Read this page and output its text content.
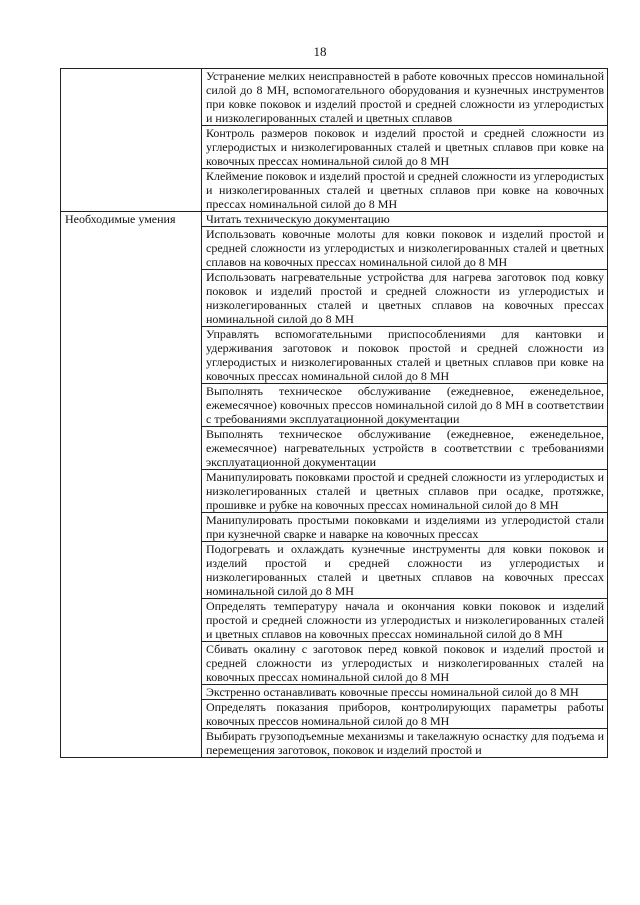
18
	Устранение мелких неисправностей в работе ковочных прессов номинальной силой до 8 МН, вспомогательного оборудования и кузнечных инструментов при ковке поковок и изделий простой и средней сложности из углеродистых и низколегированных сталей и цветных сплавов
	Контроль размеров поковок и изделий простой и средней сложности из углеродистых и низколегированных сталей и цветных сплавов при ковке на ковочных прессах номинальной силой до 8 МН
	Клеймение поковок и изделий простой и средней сложности из углеродистых и низколегированных сталей и цветных сплавов при ковке на ковочных прессах номинальной силой до 8 МН
Необходимые умения	Читать техническую документацию
	Использовать ковочные молоты для ковки поковок и изделий простой и средней сложности из углеродистых и низколегированных сталей и цветных сплавов на ковочных прессах номинальной силой до 8 МН
	Использовать нагревательные устройства для нагрева заготовок под ковку поковок и изделий простой и средней сложности из углеродистых и низколегированных сталей и цветных сплавов на ковочных прессах номинальной силой до 8 МН
	Управлять вспомогательными приспособлениями для кантовки и удерживания заготовок и поковок простой и средней сложности из углеродистых и низколегированных сталей и цветных сплавов при ковке на ковочных прессах номинальной силой до 8 МН
	Выполнять техническое обслуживание (ежедневное, еженедельное, ежемесячное) ковочных прессов номинальной силой до 8 МН в соответствии с требованиями эксплуатационной документации
	Выполнять техническое обслуживание (ежедневное, еженедельное, ежемесячное) нагревательных устройств в соответствии с требованиями эксплуатационной документации
	Манипулировать поковками простой и средней сложности из углеродистых и низколегированных сталей и цветных сплавов при осадке, протяжке, прошивке и рубке на ковочных прессах номинальной силой до 8 МН
	Манипулировать простыми поковками и изделиями из углеродистой стали при кузнечной сварке и наварке на ковочных прессах
	Подогревать и охлаждать кузнечные инструменты для ковки поковок и изделий простой и средней сложности из углеродистых и низколегированных сталей и цветных сплавов на ковочных прессах номинальной силой до 8 МН
	Определять температуру начала и окончания ковки поковок и изделий простой и средней сложности из углеродистых и низколегированных сталей и цветных сплавов на ковочных прессах номинальной силой до 8 МН
	Сбивать окалину с заготовок перед ковкой поковок и изделий простой и средней сложности из углеродистых и низколегированных сталей на ковочных прессах номинальной силой до 8 МН
	Экстренно останавливать ковочные прессы номинальной силой до 8 МН
	Определять показания приборов, контролирующих параметры работы ковочных прессов номинальной силой до 8 МН
	Выбирать грузоподъемные механизмы и такелажную оснастку для подъема и перемещения заготовок, поковок и изделий простой и
